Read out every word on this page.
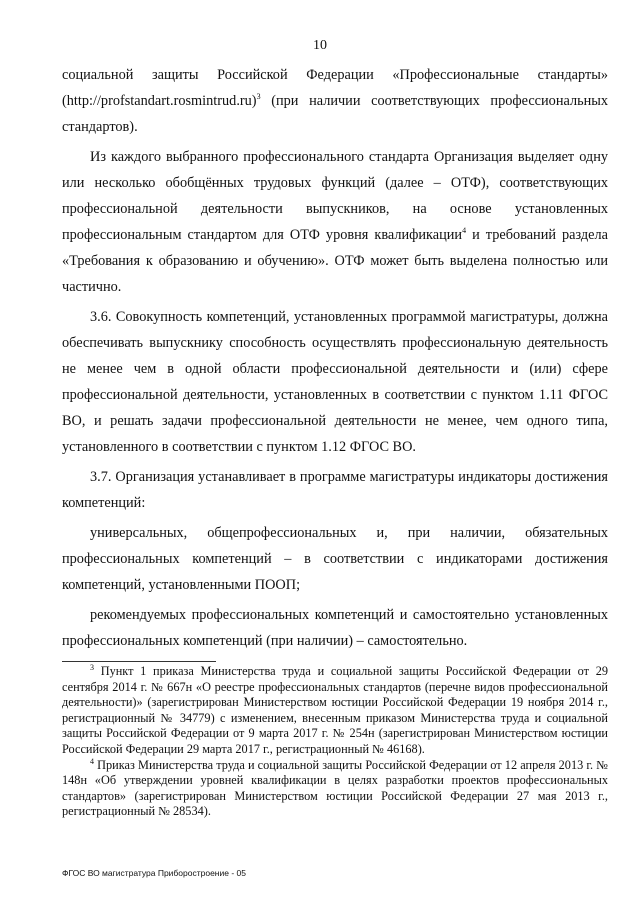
10

социальной защиты Российской Федерации «Профессиональные стандарты» (http://profstandart.rosmintrud.ru)$^3$ (при наличии соответствующих профессиональных стандартов).

Из каждого выбранного профессионального стандарта Организация выделяет одну или несколько обобщённых трудовых функций (далее – ОТФ), соответствующих профессиональной деятельности выпускников, на основе установленных профессиональным стандартом для ОТФ уровня квалификации$^4$ и требований раздела «Требования к образованию и обучению». ОТФ может быть выделена полностью или частично.

3.6. Совокупность компетенций, установленных программой магистратуры, должна обеспечивать выпускнику способность осуществлять профессиональную деятельность не менее чем в одной области профессиональной деятельности и (или) сфере профессиональной деятельности, установленных в соответствии с пунктом 1.11 ФГОС ВО, и решать задачи профессиональной деятельности не менее, чем одного типа, установленного в соответствии с пунктом 1.12 ФГОС ВО.

3.7. Организация устанавливает в программе магистратуры индикаторы достижения компетенций:

универсальных, общепрофессиональных и, при наличии, обязательных профессиональных компетенций – в соответствии с индикаторами достижения компетенций, установленными ПООП;

рекомендуемых профессиональных компетенций и самостоятельно установленных профессиональных компетенций (при наличии) – самостоятельно.

$^3$ Пункт 1 приказа Министерства труда и социальной защиты Российской Федерации от 29 сентября 2014 г. № 667н «О реестре профессиональных стандартов (перечне видов профессиональной деятельности)» (зарегистрирован Министерством юстиции Российской Федерации 19 ноября 2014 г., регистрационный № 34779) с изменением, внесенным приказом Министерства труда и социальной защиты Российской Федерации от 9 марта 2017 г. № 254н (зарегистрирован Министерством юстиции Российской Федерации 29 марта 2017 г., регистрационный № 46168).

$^4$ Приказ Министерства труда и социальной защиты Российской Федерации от 12 апреля 2013 г. № 148н «Об утверждении уровней квалификации в целях разработки проектов профессиональных стандартов» (зарегистрирован Министерством юстиции Российской Федерации 27 мая 2013 г., регистрационный № 28534).

ФГОС ВО магистратура Приборостроение - 05
